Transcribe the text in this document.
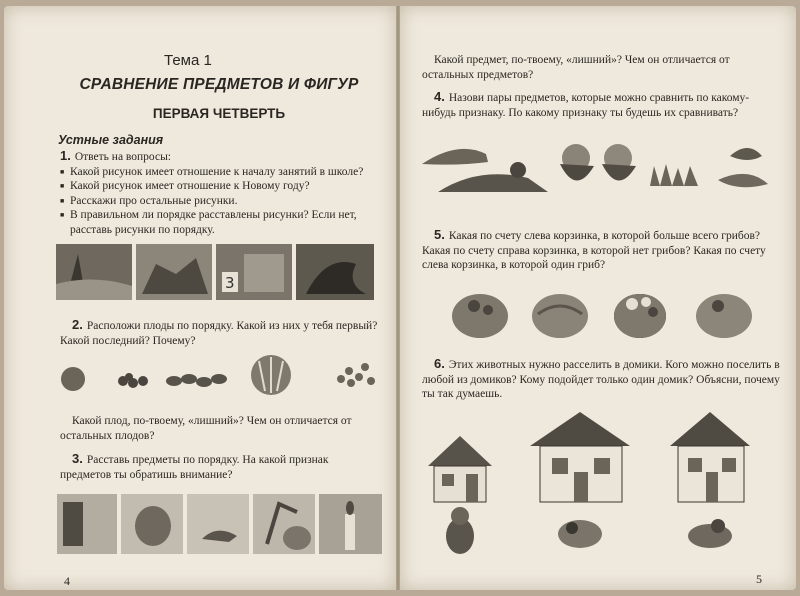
Тема 1
СРАВНЕНИЕ ПРЕДМЕТОВ И ФИГУР
ПЕРВАЯ ЧЕТВЕРТЬ
Устные задания
1. Ответь на вопросы:
■ Какой рисунок имеет отношение к началу занятий в школе?
■ Какой рисунок имеет отношение к Новому году?
■ Расскажи про остальные рисунки.
■ В правильном ли порядке расставлены рисунки? Если нет, расставь рисунки по порядку.
3
2. Расположи плоды по порядку. Какой из них у тебя первый? Какой последний? Почему?
Какой плод, по-твоему, «лишний»? Чем он отличается от остальных плодов?
3. Расставь предметы по порядку. На какой признак предметов ты обратишь внимание?
4
Какой предмет, по-твоему, «лишний»? Чем он отличается от остальных предметов?
4. Назови пары предметов, которые можно сравнить по какому-нибудь признаку. По какому признаку ты будешь их сравнивать?
5. Какая по счету слева корзинка, в которой больше всего грибов? Какая по счету справа корзинка, в которой нет грибов? Какая по счету слева корзинка, в которой один гриб?
6. Этих животных нужно расселить в домики. Кого можно поселить в любой из домиков? Кому подойдет только один домик? Объясни, почему ты так думаешь.
5
